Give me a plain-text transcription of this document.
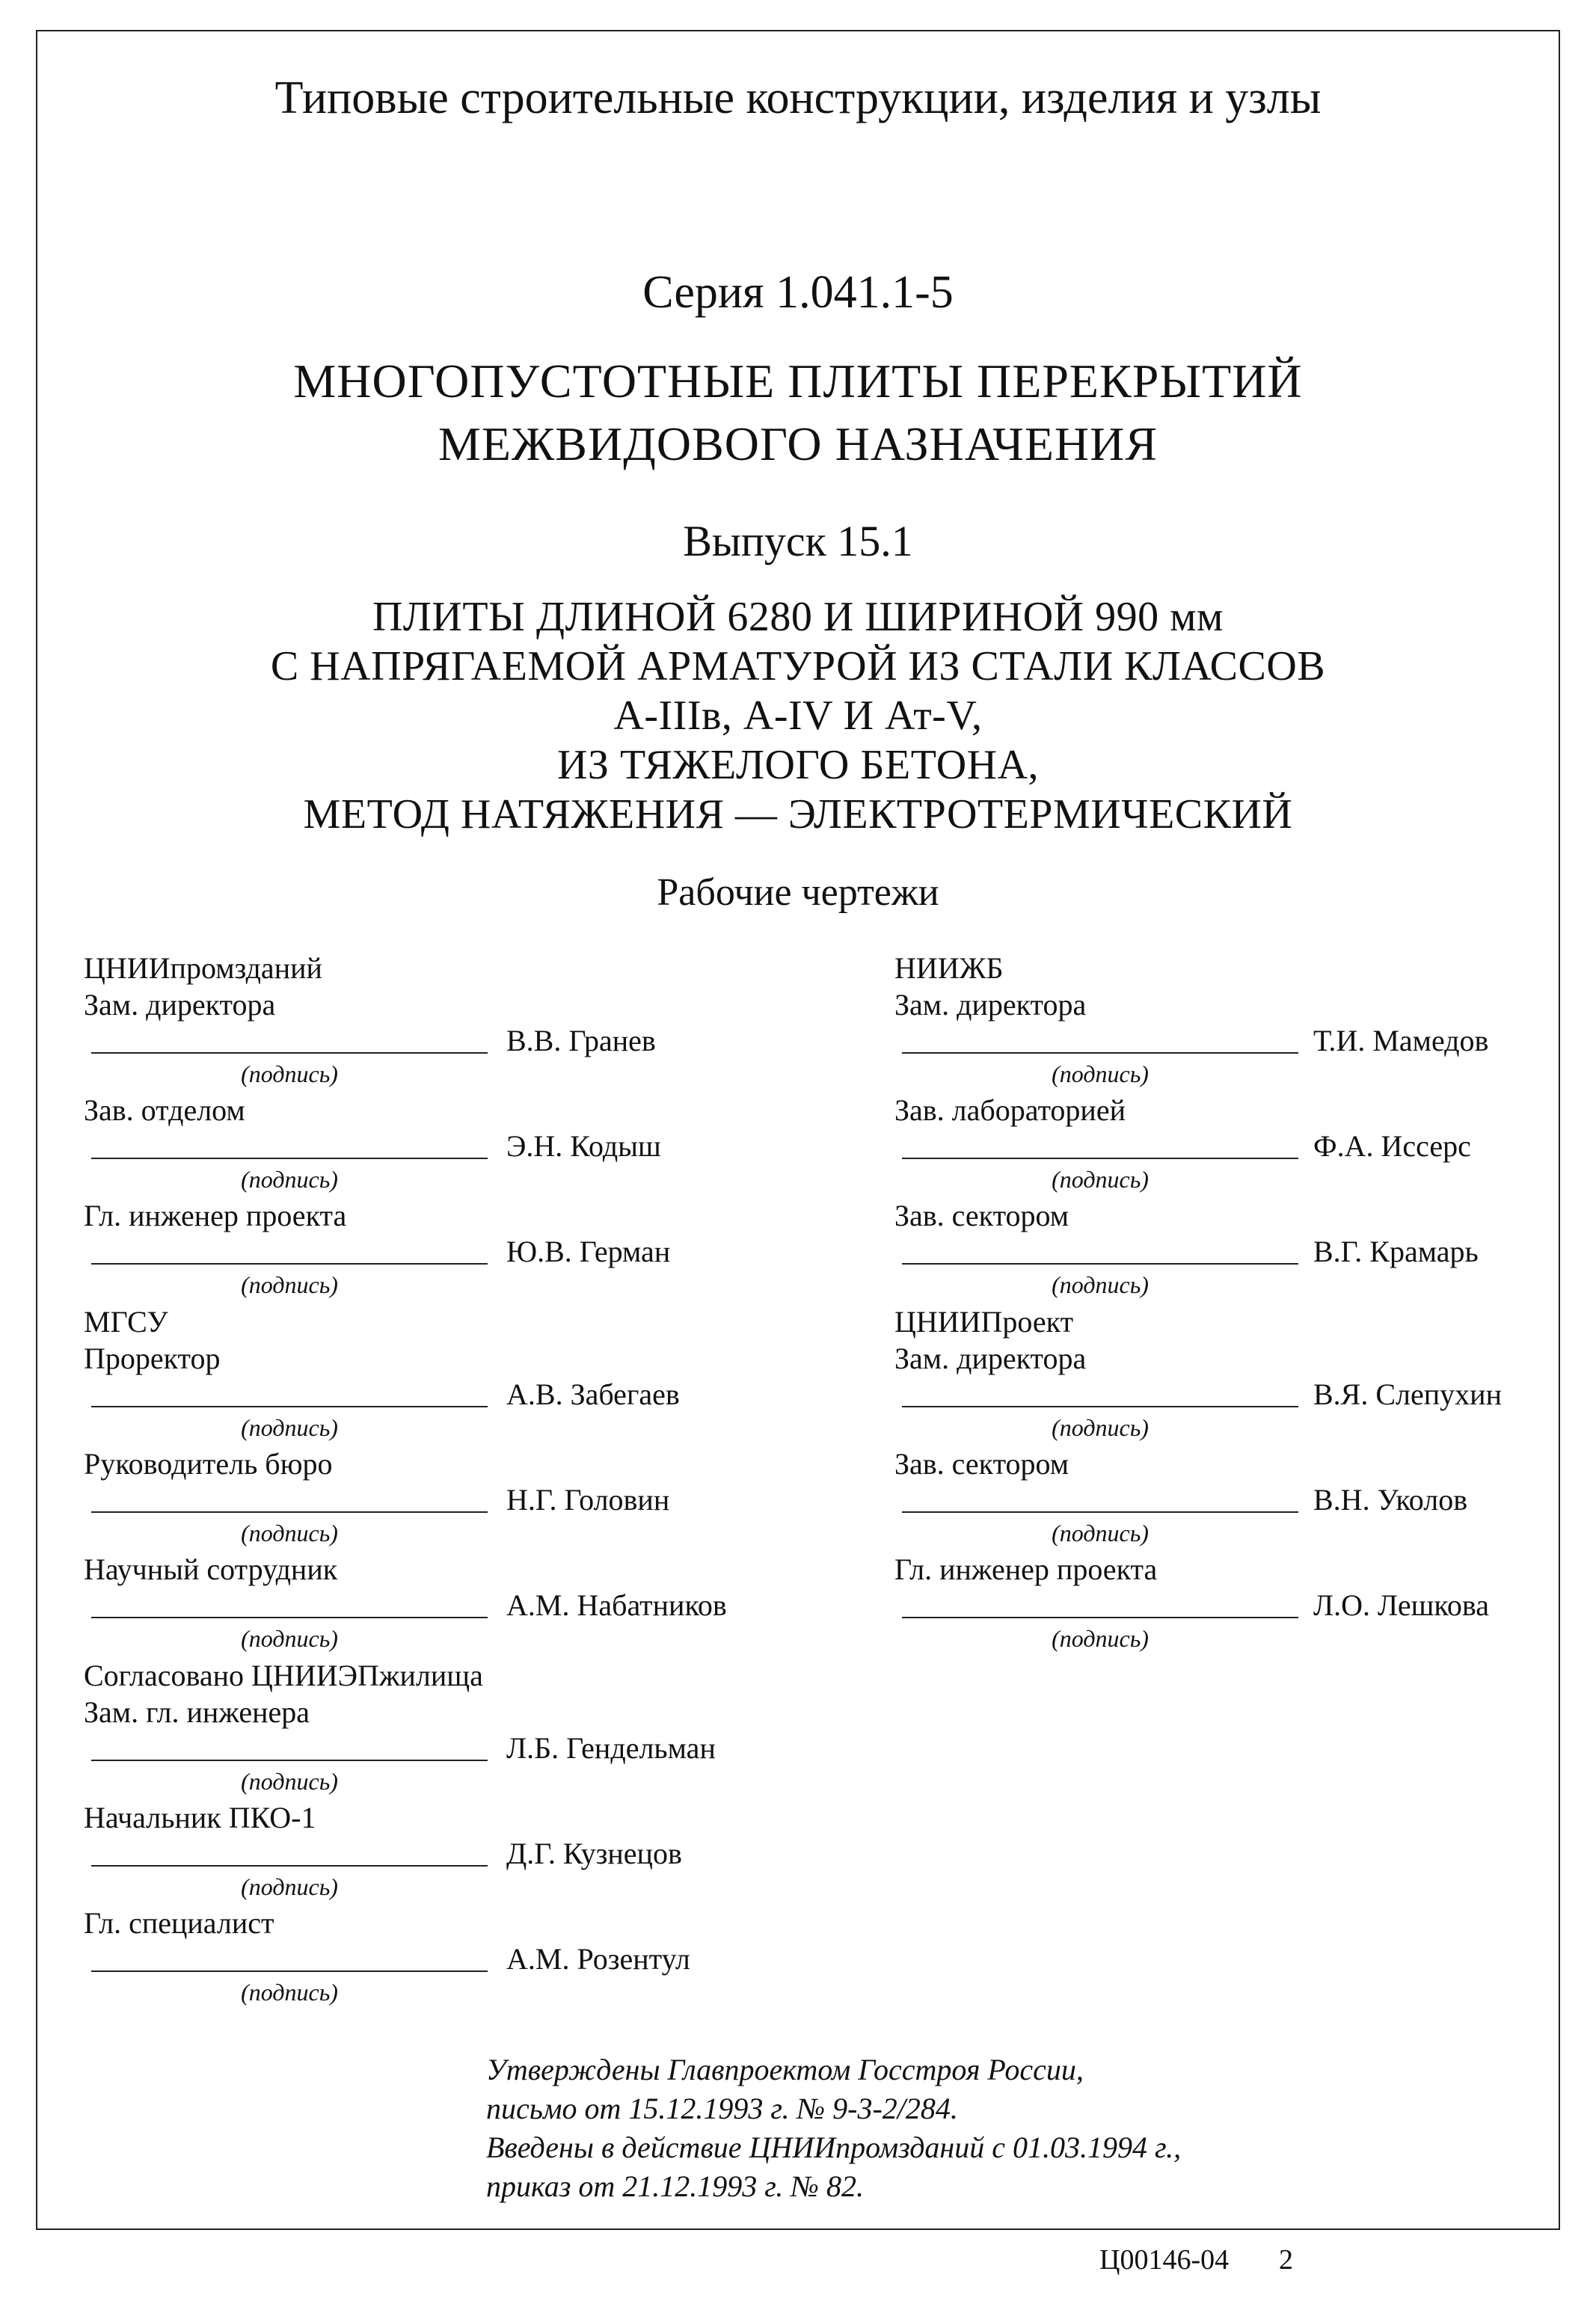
Типовые строительные конструкции, изделия и узлы
Серия 1.041.1-5
МНОГОПУСТОТНЫЕ ПЛИТЫ ПЕРЕКРЫТИЙ
МЕЖВИДОВОГО НАЗНАЧЕНИЯ
Выпуск 15.1
ПЛИТЫ ДЛИНОЙ 6280 И ШИРИНОЙ 990 мм
С НАПРЯГАЕМОЙ АРМАТУРОЙ ИЗ СТАЛИ КЛАССОВ
А-IIIв, А-IV И Ат-V,
ИЗ ТЯЖЕЛОГО БЕТОНА,
МЕТОД НАТЯЖЕНИЯ — ЭЛЕКТРОТЕРМИЧЕСКИЙ
Рабочие чертежи
ЦНИИпромзданий
Зам. директора
В.В. Гранев
(подпись)
Зав. отделом
Э.Н. Кодыш
(подпись)
Гл. инженер проекта
Ю.В. Герман
(подпись)
МГСУ
Проректор
А.В. Забегаев
(подпись)
Руководитель бюро
Н.Г. Головин
(подпись)
Научный сотрудник
А.М. Набатников
(подпись)
Согласовано ЦНИИЭПжилища
Зам. гл. инженера
Л.Б. Гендельман
(подпись)
Начальник ПКО-1
Д.Г. Кузнецов
(подпись)
Гл. специалист
А.М. Розентул
(подпись)
НИИЖБ
Зам. директора
Т.И. Мамедов
(подпись)
Зав. лабораторией
Ф.А. Иссерс
(подпись)
Зав. сектором
В.Г. Крамарь
(подпись)
ЦНИИПроект
Зам. директора
В.Я. Слепухин
(подпись)
Зав. сектором
В.Н. Уколов
(подпись)
Гл. инженер проекта
Л.О. Лешкова
(подпись)
Утверждены Главпроектом Госстроя России,
письмо от 15.12.1993 г. № 9-3-2/284.
Введены в действие ЦНИИпромзданий с 01.03.1994 г.,
приказ от 21.12.1993 г. № 82.
Ц00146-04 2
